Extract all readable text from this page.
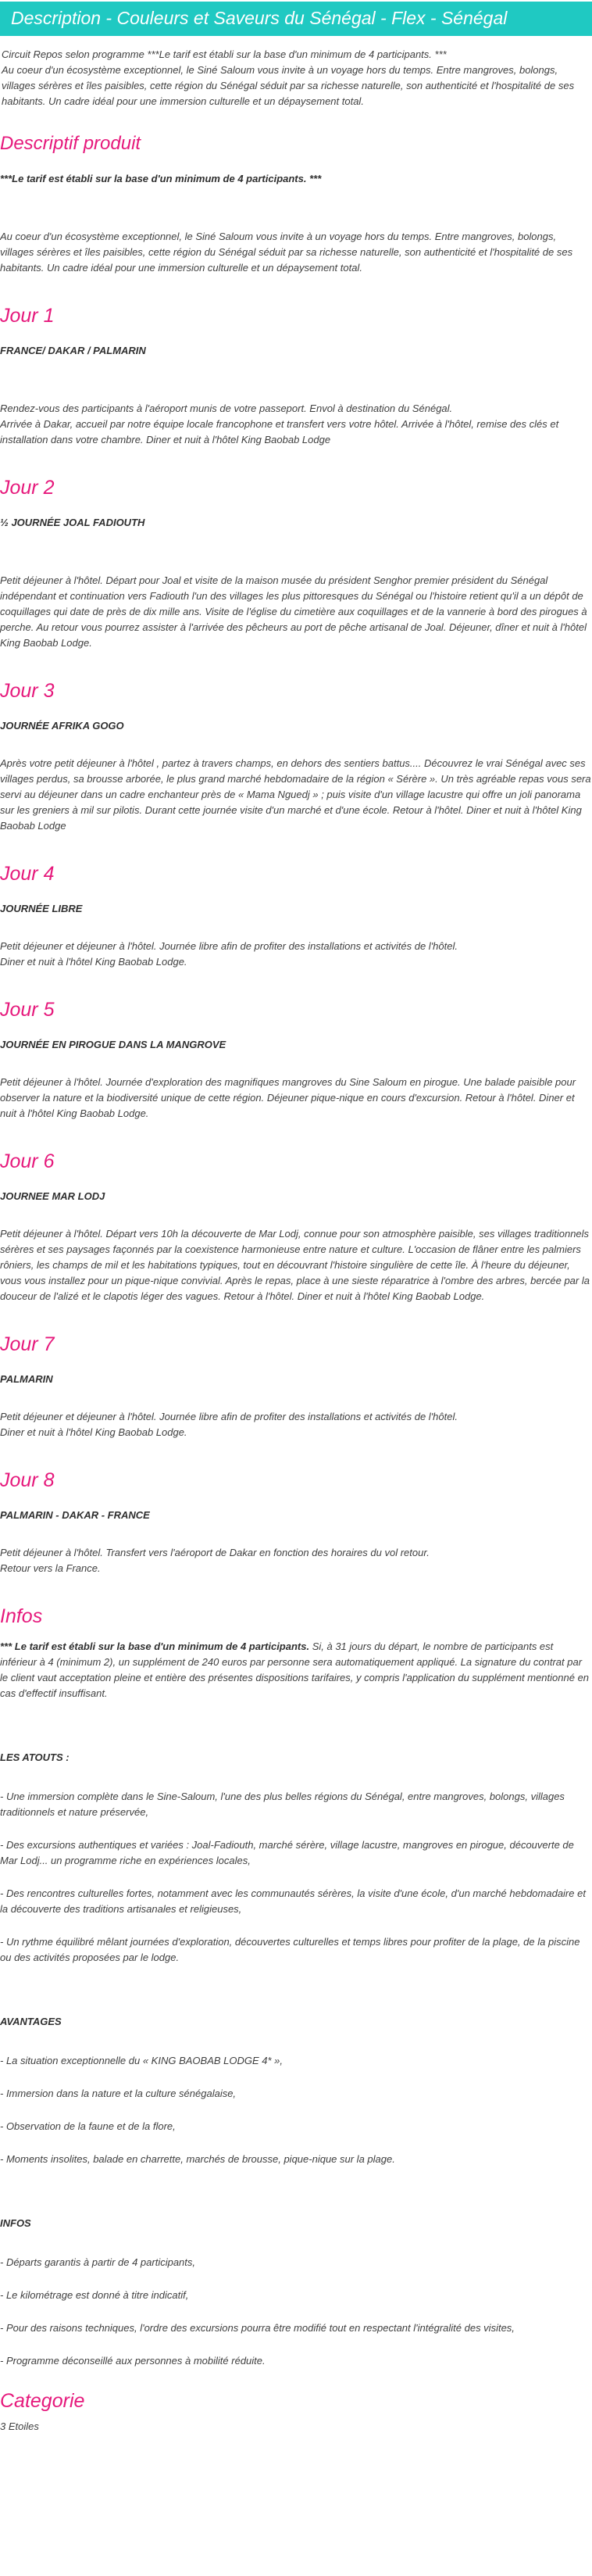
Description - Couleurs et Saveurs du Sénégal - Flex - Sénégal
Circuit Repos selon programme ***Le tarif est établi sur la base d'un minimum de 4 participants. ***
Au coeur d'un écosystème exceptionnel, le Siné Saloum vous invite à un voyage hors du temps. Entre mangroves, bolongs, villages sérères et îles paisibles, cette région du Sénégal séduit par sa richesse naturelle, son authenticité et l'hospitalité de ses habitants. Un cadre idéal pour une immersion culturelle et un dépaysement total.
Descriptif produit
***Le tarif est établi sur la base d'un minimum de 4 participants. ***
Au coeur d'un écosystème exceptionnel, le Siné Saloum vous invite à un voyage hors du temps. Entre mangroves, bolongs, villages sérères et îles paisibles, cette région du Sénégal séduit par sa richesse naturelle, son authenticité et l'hospitalité de ses habitants. Un cadre idéal pour une immersion culturelle et un dépaysement total.
Jour 1
FRANCE/ DAKAR / PALMARIN
Rendez-vous des participants à l'aéroport munis de votre passeport. Envol à destination du Sénégal.
Arrivée à Dakar, accueil par notre équipe locale francophone et transfert vers votre hôtel. Arrivée à l'hôtel, remise des clés et installation dans votre chambre. Diner et nuit à l'hôtel King Baobab Lodge
Jour 2
½ JOURNÉE JOAL FADIOUTH
Petit déjeuner à l'hôtel. Départ pour Joal et visite de la maison musée du président Senghor premier président du Sénégal indépendant et continuation vers Fadiouth l'un des villages les plus pittoresques du Sénégal ou l'histoire retient qu'il a un dépôt de coquillages qui date de près de dix mille ans. Visite de l'église du cimetière aux coquillages et de la vannerie à bord des pirogues à perche. Au retour vous pourrez assister à l'arrivée des pêcheurs au port de pêche artisanal de Joal. Déjeuner, dîner et nuit à l'hôtel King Baobab Lodge.
Jour 3
JOURNÉE AFRIKA GOGO
Après votre petit déjeuner à l'hôtel , partez à travers champs, en dehors des sentiers battus.... Découvrez le vrai Sénégal avec ses villages perdus, sa brousse arborée, le plus grand marché hebdomadaire de la région « Sérère ». Un très agréable repas vous sera servi au déjeuner dans un cadre enchanteur près de « Mama Nguedj » ; puis visite d'un village lacustre qui offre un joli panorama sur les greniers à mil sur pilotis. Durant cette journée visite d'un marché et d'une école. Retour à l'hôtel. Diner et nuit à l'hôtel King Baobab Lodge
Jour 4
JOURNÉE LIBRE
Petit déjeuner et déjeuner à l'hôtel. Journée libre afin de profiter des installations et activités de l'hôtel.
Diner et nuit à l'hôtel King Baobab Lodge.
Jour 5
JOURNÉE EN PIROGUE DANS LA MANGROVE
Petit déjeuner à l'hôtel. Journée d'exploration des magnifiques mangroves du Sine Saloum en pirogue. Une balade paisible pour observer la nature et la biodiversité unique de cette région. Déjeuner pique-nique en cours d'excursion. Retour à l'hôtel. Diner et nuit à l'hôtel King Baobab Lodge.
Jour 6
JOURNEE MAR LODJ
Petit déjeuner à l'hôtel. Départ vers 10h la découverte de Mar Lodj, connue pour son atmosphère paisible, ses villages traditionnels sérères et ses paysages façonnés par la coexistence harmonieuse entre nature et culture. L'occasion de flâner entre les palmiers rôniers, les champs de mil et les habitations typiques, tout en découvrant l'histoire singulière de cette île. À l'heure du déjeuner, vous vous installez pour un pique-nique convivial. Après le repas, place à une sieste réparatrice à l'ombre des arbres, bercée par la douceur de l'alizé et le clapotis léger des vagues. Retour à l'hôtel. Diner et nuit à l'hôtel King Baobab Lodge.
Jour 7
PALMARIN
Petit déjeuner et déjeuner à l'hôtel. Journée libre afin de profiter des installations et activités de l'hôtel.
Diner et nuit à l'hôtel King Baobab Lodge.
Jour 8
PALMARIN - DAKAR - FRANCE
Petit déjeuner à l'hôtel. Transfert vers l'aéroport de Dakar en fonction des horaires du vol retour.
Retour vers la France.
Infos
*** Le tarif est établi sur la base d'un minimum de 4 participants. Si, à 31 jours du départ, le nombre de participants est inférieur à 4 (minimum 2), un supplément de 240 euros par personne sera automatiquement appliqué. La signature du contrat par le client vaut acceptation pleine et entière des présentes dispositions tarifaires, y compris l'application du supplément mentionné en cas d'effectif insuffisant.
LES ATOUTS :
- Une immersion complète dans le Sine-Saloum, l'une des plus belles régions du Sénégal, entre mangroves, bolongs, villages traditionnels et nature préservée,
- Des excursions authentiques et variées : Joal-Fadiouth, marché sérère, village lacustre, mangroves en pirogue, découverte de Mar Lodj... un programme riche en expériences locales,
- Des rencontres culturelles fortes, notamment avec les communautés sérères, la visite d'une école, d'un marché hebdomadaire et la découverte des traditions artisanales et religieuses,
- Un rythme équilibré mêlant journées d'exploration, découvertes culturelles et temps libres pour profiter de la plage, de la piscine ou des activités proposées par le lodge.
AVANTAGES
- La situation exceptionnelle du « KING BAOBAB LODGE 4* »,
- Immersion dans la nature et la culture sénégalaise,
- Observation de la faune et de la flore,
- Moments insolites, balade en charrette, marchés de brousse, pique-nique sur la plage.
INFOS
- Départs garantis à partir de 4 participants,
- Le kilométrage est donné à titre indicatif,
- Pour des raisons techniques, l'ordre des excursions pourra être modifié tout en respectant l'intégralité des visites,
- Programme déconseillé aux personnes à mobilité réduite.
Categorie
3 Etoiles
